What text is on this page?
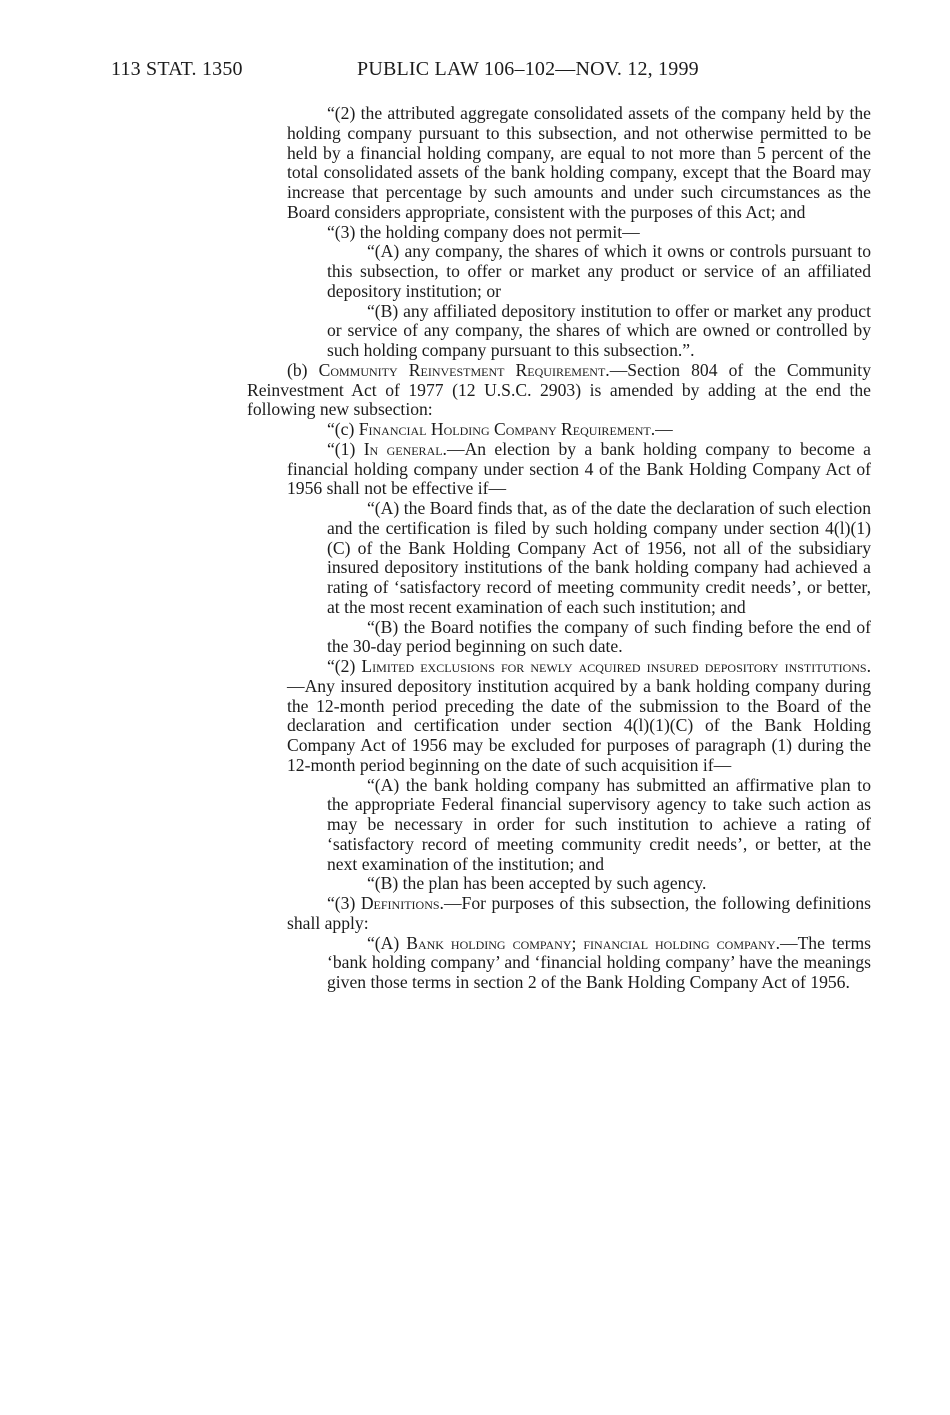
113 STAT. 1350	PUBLIC LAW 106–102—NOV. 12, 1999

“(2) the attributed aggregate consolidated assets of the company held by the holding company pursuant to this subsection, and not otherwise permitted to be held by a financial holding company, are equal to not more than 5 percent of the total consolidated assets of the bank holding company, except that the Board may increase that percentage by such amounts and under such circumstances as the Board considers appropriate, consistent with the purposes of this Act; and

“(3) the holding company does not permit—

“(A) any company, the shares of which it owns or controls pursuant to this subsection, to offer or market any product or service of an affiliated depository institution; or

“(B) any affiliated depository institution to offer or market any product or service of any company, the shares of which are owned or controlled by such holding company pursuant to this subsection.”.

(b) Community Reinvestment Requirement.—Section 804 of the Community Reinvestment Act of 1977 (12 U.S.C. 2903) is amended by adding at the end the following new subsection:

“(c) Financial Holding Company Requirement.—

“(1) In general.—An election by a bank holding company to become a financial holding company under section 4 of the Bank Holding Company Act of 1956 shall not be effective if—

“(A) the Board finds that, as of the date the declaration of such election and the certification is filed by such holding company under section 4(l)(1)(C) of the Bank Holding Company Act of 1956, not all of the subsidiary insured depository institutions of the bank holding company had achieved a rating of ‘satisfactory record of meeting community credit needs’, or better, at the most recent examination of each such institution; and

“(B) the Board notifies the company of such finding before the end of the 30-day period beginning on such date.

“(2) Limited exclusions for newly acquired insured depository institutions.—Any insured depository institution acquired by a bank holding company during the 12-month period preceding the date of the submission to the Board of the declaration and certification under section 4(l)(1)(C) of the Bank Holding Company Act of 1956 may be excluded for purposes of paragraph (1) during the 12-month period beginning on the date of such acquisition if—

“(A) the bank holding company has submitted an affirmative plan to the appropriate Federal financial supervisory agency to take such action as may be necessary in order for such institution to achieve a rating of ‘satisfactory record of meeting community credit needs’, or better, at the next examination of the institution; and

“(B) the plan has been accepted by such agency.

“(3) Definitions.—For purposes of this subsection, the following definitions shall apply:

“(A) Bank holding company; financial holding company.—The terms ‘bank holding company’ and ‘financial holding company’ have the meanings given those terms in section 2 of the Bank Holding Company Act of 1956.
